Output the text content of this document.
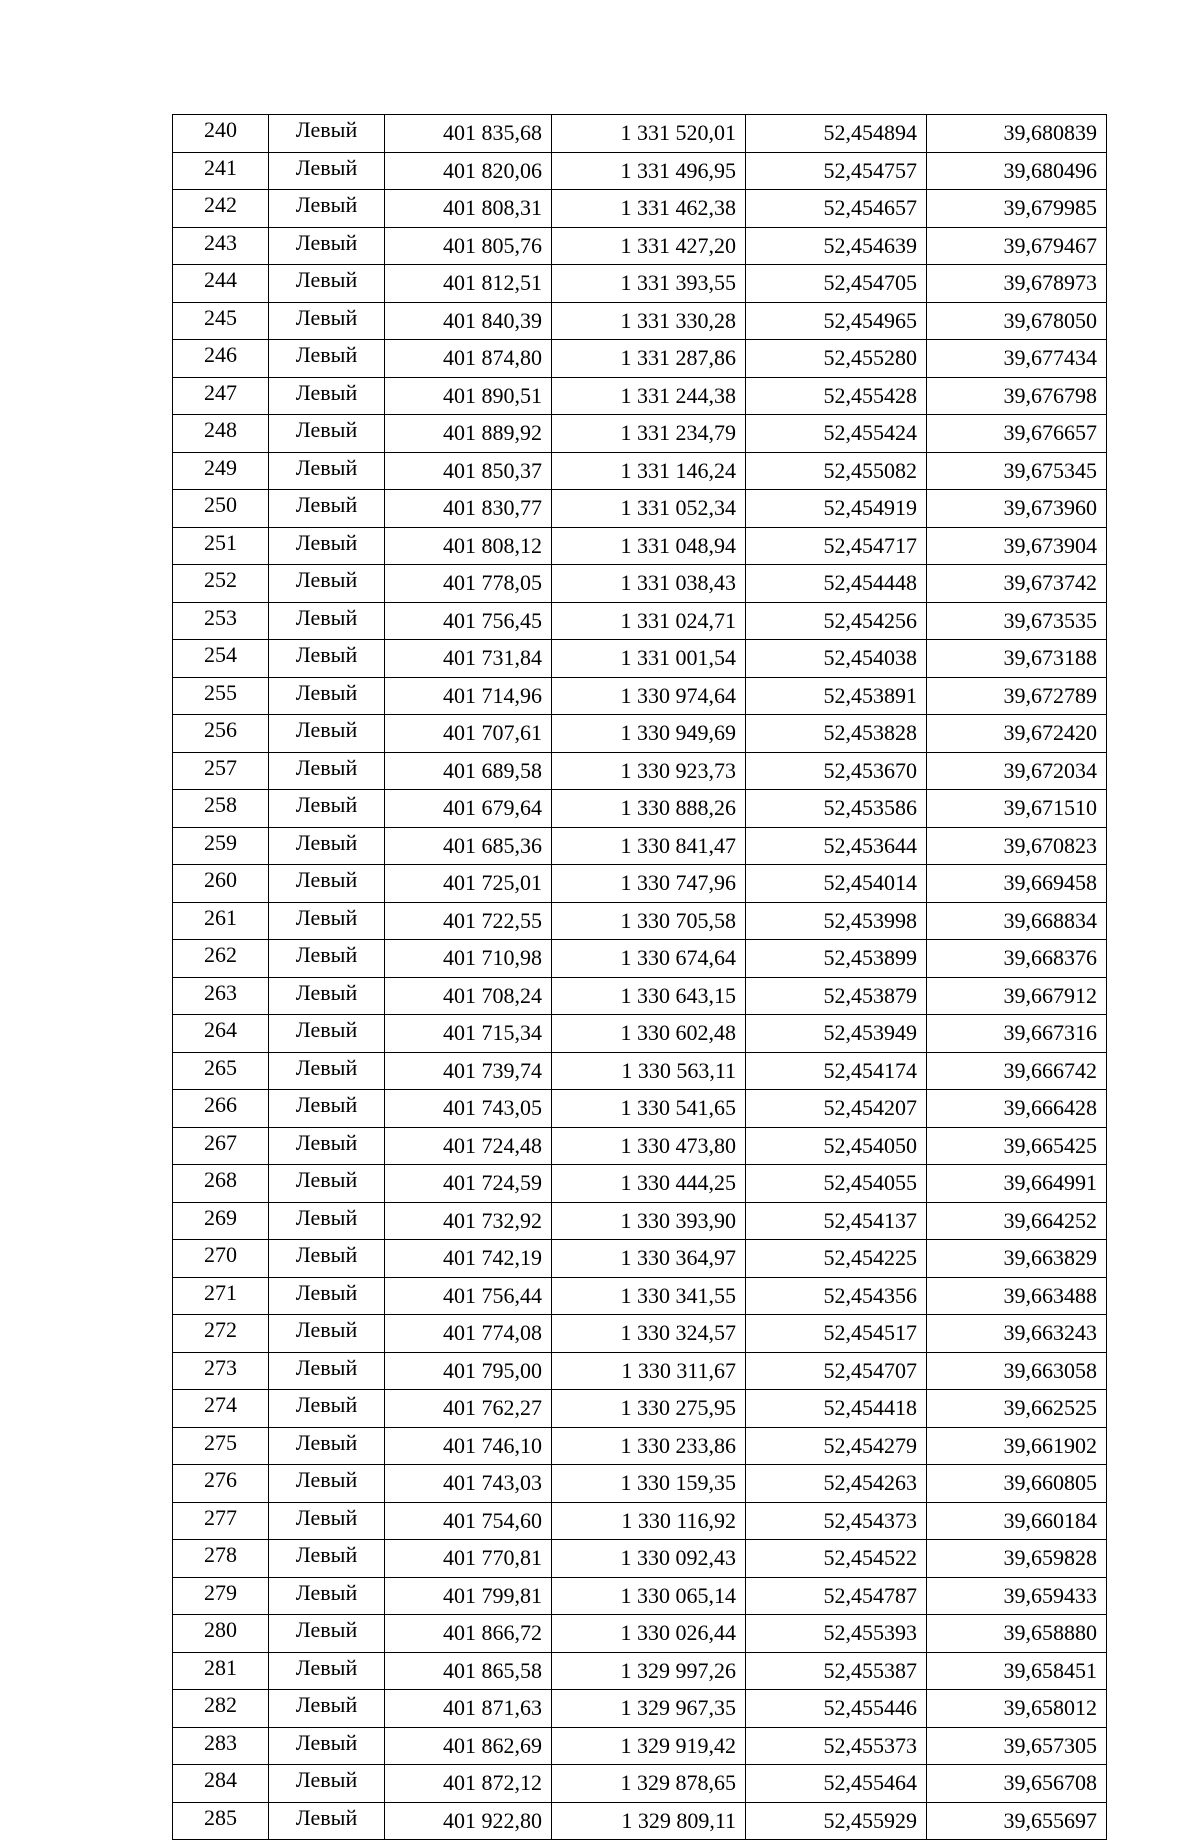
240	Левый	401 835,68	1 331 520,01	52,454894	39,680839
241	Левый	401 820,06	1 331 496,95	52,454757	39,680496
242	Левый	401 808,31	1 331 462,38	52,454657	39,679985
243	Левый	401 805,76	1 331 427,20	52,454639	39,679467
244	Левый	401 812,51	1 331 393,55	52,454705	39,678973
245	Левый	401 840,39	1 331 330,28	52,454965	39,678050
246	Левый	401 874,80	1 331 287,86	52,455280	39,677434
247	Левый	401 890,51	1 331 244,38	52,455428	39,676798
248	Левый	401 889,92	1 331 234,79	52,455424	39,676657
249	Левый	401 850,37	1 331 146,24	52,455082	39,675345
250	Левый	401 830,77	1 331 052,34	52,454919	39,673960
251	Левый	401 808,12	1 331 048,94	52,454717	39,673904
252	Левый	401 778,05	1 331 038,43	52,454448	39,673742
253	Левый	401 756,45	1 331 024,71	52,454256	39,673535
254	Левый	401 731,84	1 331 001,54	52,454038	39,673188
255	Левый	401 714,96	1 330 974,64	52,453891	39,672789
256	Левый	401 707,61	1 330 949,69	52,453828	39,672420
257	Левый	401 689,58	1 330 923,73	52,453670	39,672034
258	Левый	401 679,64	1 330 888,26	52,453586	39,671510
259	Левый	401 685,36	1 330 841,47	52,453644	39,670823
260	Левый	401 725,01	1 330 747,96	52,454014	39,669458
261	Левый	401 722,55	1 330 705,58	52,453998	39,668834
262	Левый	401 710,98	1 330 674,64	52,453899	39,668376
263	Левый	401 708,24	1 330 643,15	52,453879	39,667912
264	Левый	401 715,34	1 330 602,48	52,453949	39,667316
265	Левый	401 739,74	1 330 563,11	52,454174	39,666742
266	Левый	401 743,05	1 330 541,65	52,454207	39,666428
267	Левый	401 724,48	1 330 473,80	52,454050	39,665425
268	Левый	401 724,59	1 330 444,25	52,454055	39,664991
269	Левый	401 732,92	1 330 393,90	52,454137	39,664252
270	Левый	401 742,19	1 330 364,97	52,454225	39,663829
271	Левый	401 756,44	1 330 341,55	52,454356	39,663488
272	Левый	401 774,08	1 330 324,57	52,454517	39,663243
273	Левый	401 795,00	1 330 311,67	52,454707	39,663058
274	Левый	401 762,27	1 330 275,95	52,454418	39,662525
275	Левый	401 746,10	1 330 233,86	52,454279	39,661902
276	Левый	401 743,03	1 330 159,35	52,454263	39,660805
277	Левый	401 754,60	1 330 116,92	52,454373	39,660184
278	Левый	401 770,81	1 330 092,43	52,454522	39,659828
279	Левый	401 799,81	1 330 065,14	52,454787	39,659433
280	Левый	401 866,72	1 330 026,44	52,455393	39,658880
281	Левый	401 865,58	1 329 997,26	52,455387	39,658451
282	Левый	401 871,63	1 329 967,35	52,455446	39,658012
283	Левый	401 862,69	1 329 919,42	52,455373	39,657305
284	Левый	401 872,12	1 329 878,65	52,455464	39,656708
285	Левый	401 922,80	1 329 809,11	52,455929	39,655697
